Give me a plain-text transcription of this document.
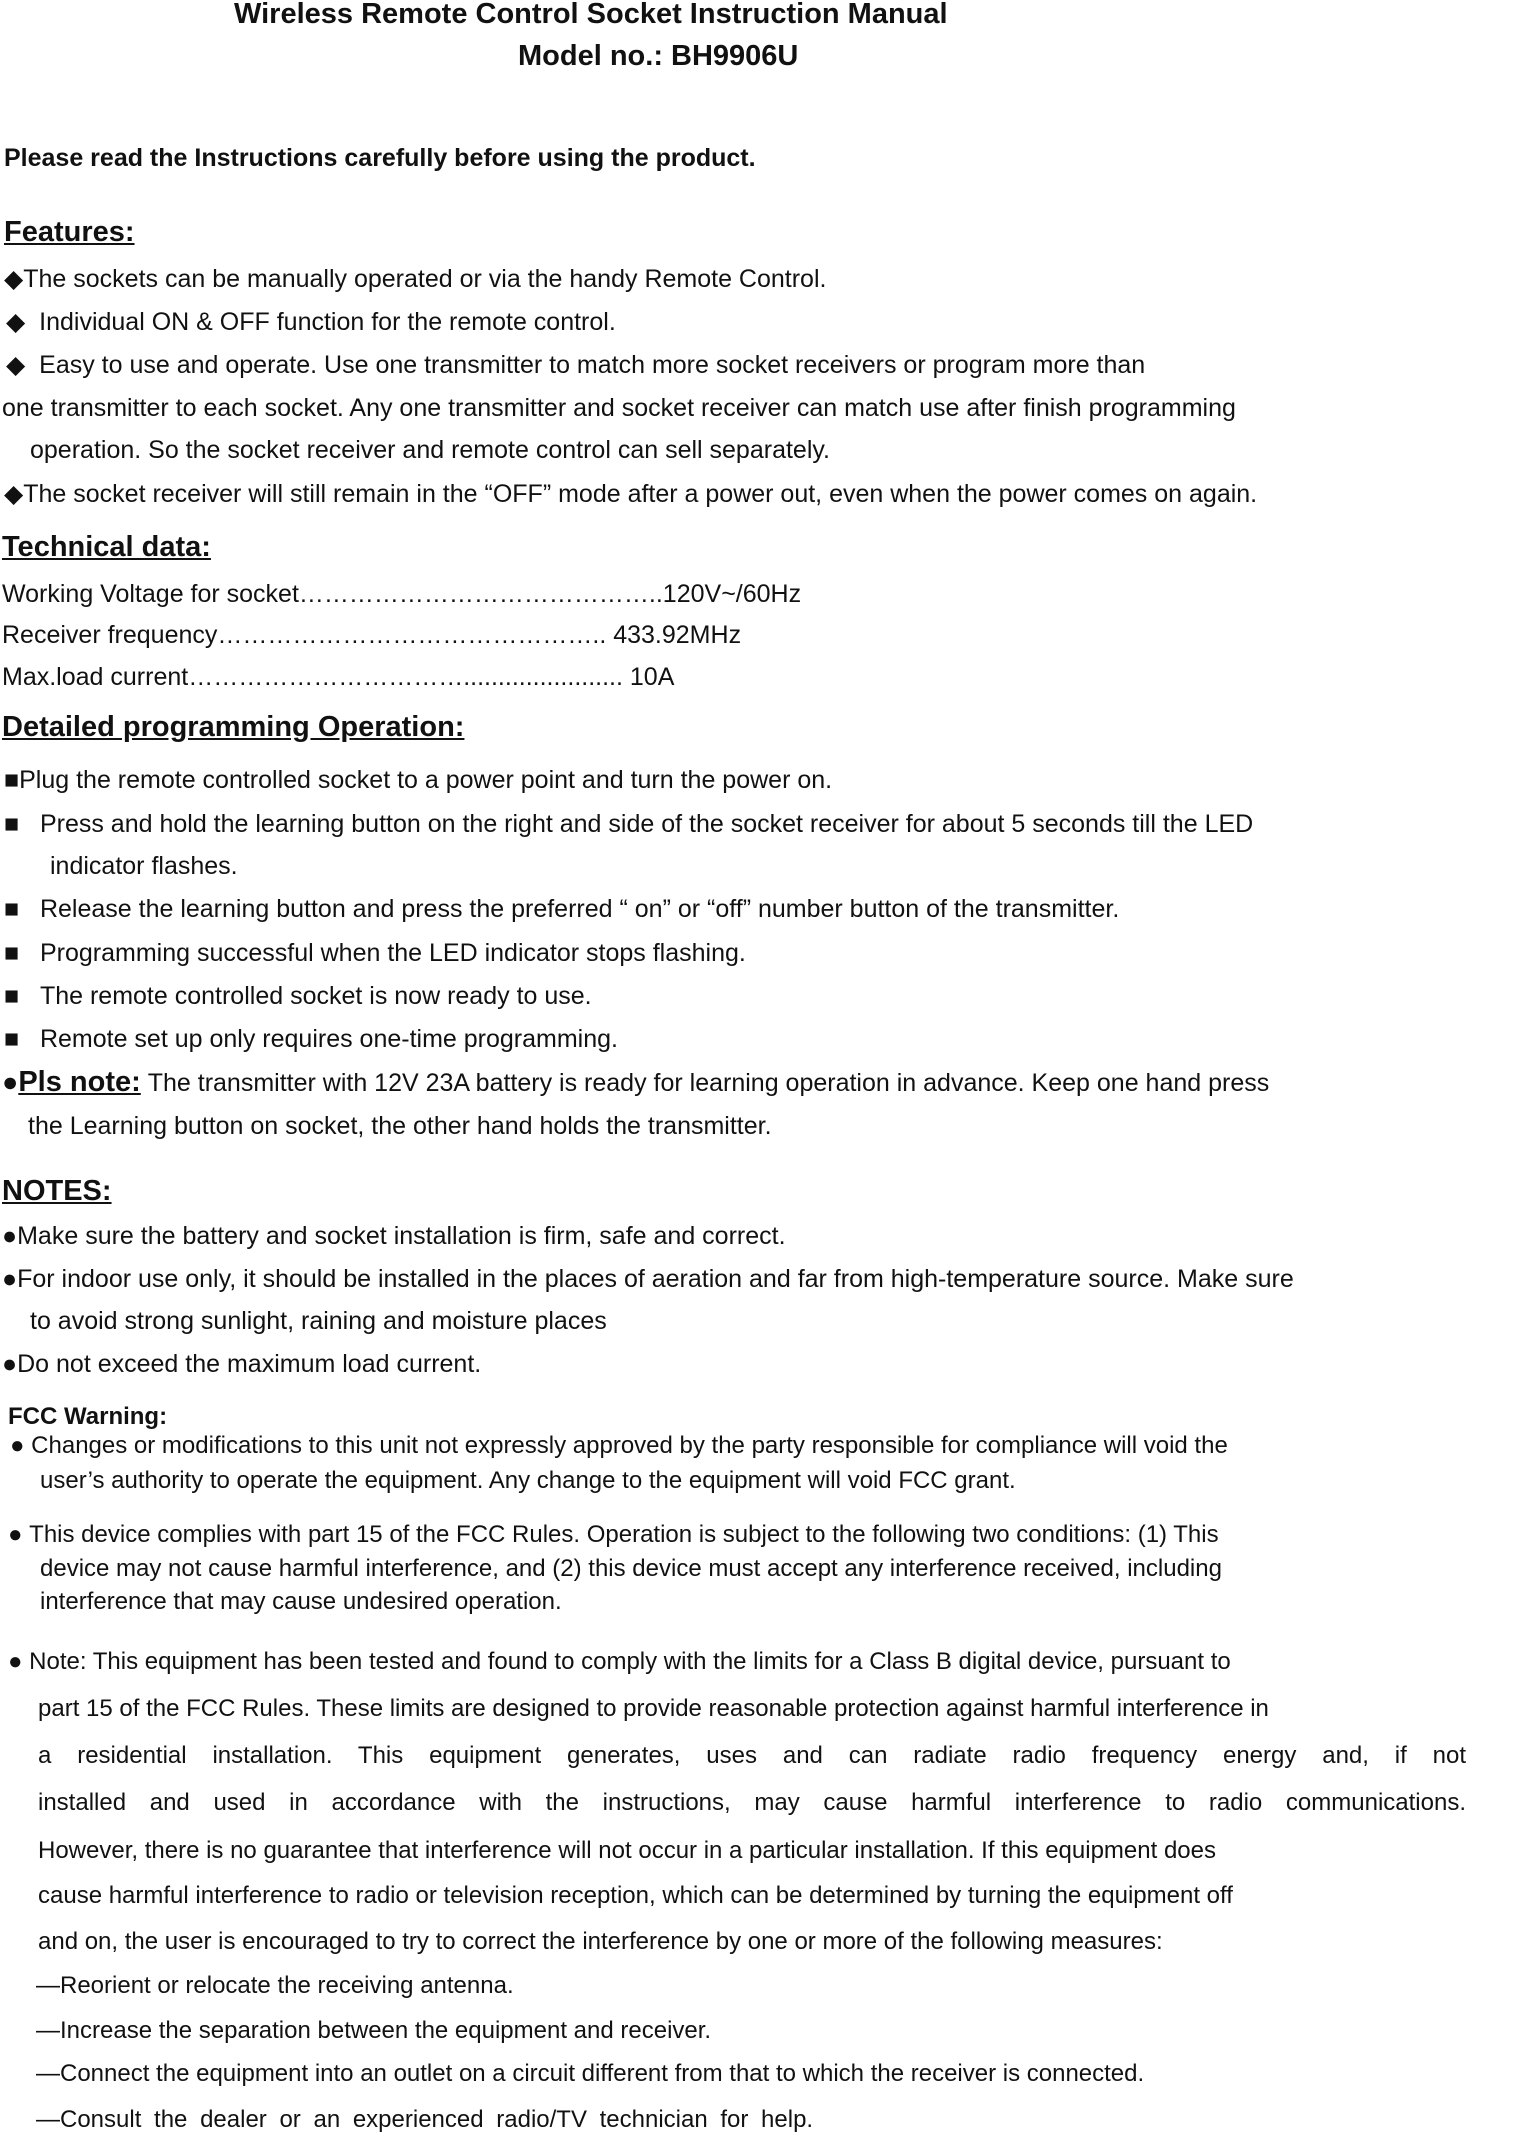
Wireless Remote Control Socket Instruction Manual
Model no.: BH9906U
Please read the Instructions carefully before using the product.
Features:
◆The sockets can be manually operated or via the handy Remote Control.
◆ Individual ON & OFF function for the remote control.
◆ Easy to use and operate. Use one transmitter to match more socket receivers or program more than
one transmitter to each socket. Any one transmitter and socket receiver can match use after finish programming
operation. So the socket receiver and remote control can sell separately.
◆The socket receiver will still remain in the “OFF” mode after a power out, even when the power comes on again.
Technical data:
Working Voltage for socket……………………………………..120V~/60Hz
Receiver frequency……………………………………….. 433.92MHz
Max.load current……………………………....................... 10A
Detailed programming Operation:
■Plug the remote controlled socket to a power point and turn the power on.
■ Press and hold the learning button on the right and side of the socket receiver for about 5 seconds till the LED
indicator flashes.
■ Release the learning button and press the preferred “ on” or “off” number button of the transmitter.
■ Programming successful when the LED indicator stops flashing.
■ The remote controlled socket is now ready to use.
■ Remote set up only requires one-time programming.
●Pls note: The transmitter with 12V 23A battery is ready for learning operation in advance. Keep one hand press
the Learning button on socket, the other hand holds the transmitter.
NOTES:
●Make sure the battery and socket installation is firm, safe and correct.
●For indoor use only, it should be installed in the places of aeration and far from high-temperature source. Make sure
to avoid strong sunlight, raining and moisture places
●Do not exceed the maximum load current.
FCC Warning:
● Changes or modifications to this unit not expressly approved by the party responsible for compliance will void the
user’s authority to operate the equipment. Any change to the equipment will void FCC grant.
● This device complies with part 15 of the FCC Rules. Operation is subject to the following two conditions: (1) This
device may not cause harmful interference, and (2) this device must accept any interference received, including
interference that may cause undesired operation.
● Note: This equipment has been tested and found to comply with the limits for a Class B digital device, pursuant to
part 15 of the FCC Rules. These limits are designed to provide reasonable protection against harmful interference in
a residential installation. This equipment generates, uses and can radiate radio frequency energy and, if not
installed and used in accordance with the instructions, may cause harmful interference to radio communications.
However, there is no guarantee that interference will not occur in a particular installation. If this equipment does
cause harmful interference to radio or television reception, which can be determined by turning the equipment off
and on, the user is encouraged to try to correct the interference by one or more of the following measures:
—Reorient or relocate the receiving antenna.
—Increase the separation between the equipment and receiver.
—Connect the equipment into an outlet on a circuit different from that to which the receiver is connected.
—Consult the dealer or an experienced radio/TV technician for help.
